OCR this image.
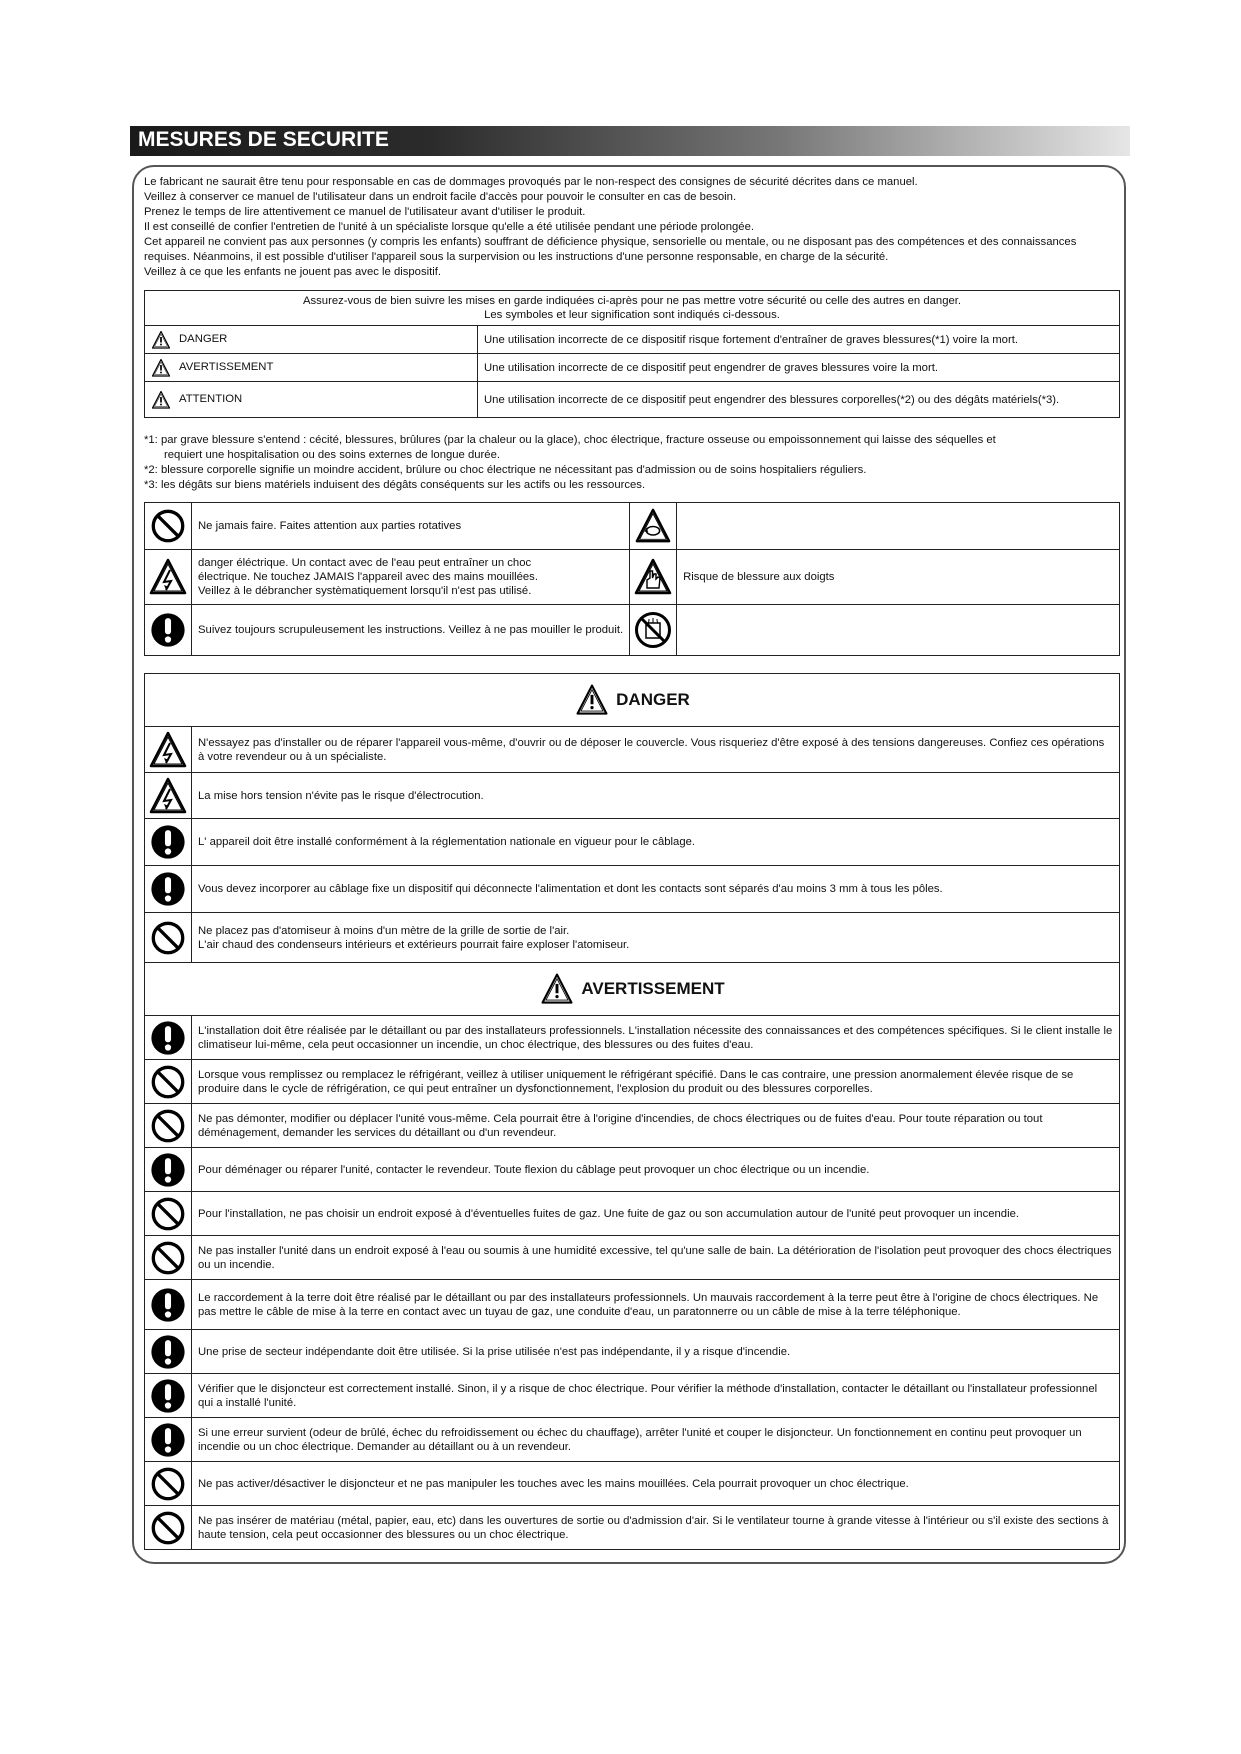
MESURES DE SECURITE

Le fabricant ne saurait être tenu pour responsable en cas de dommages provoqués par le non-respect des consignes de sécurité décrites dans ce manuel.

Veillez à conserver ce manuel de l'utilisateur dans un endroit facile d'accès pour pouvoir le consulter en cas de besoin.

Prenez le temps de lire attentivement ce manuel de l'utilisateur avant d'utiliser le produit.

Il est conseillé de confier l'entretien de l'unité à un spécialiste lorsque qu'elle a été utilisée pendant une période prolongée.

Cet appareil ne convient pas aux personnes (y compris les enfants) souffrant de déficience physique, sensorielle ou mentale, ou ne disposant pas des compétences et des connaissances requises. Néanmoins, il est possible d'utiliser l'appareil sous la surpervision ou les instructions d'une personne responsable, en charge de la sécurité.

Veillez à ce que les enfants ne jouent pas avec le dispositif.

Assurez-vous de bien suivre les mises en garde indiquées ci-après pour ne pas mettre votre sécurité ou celle des autres en danger.
Les symboles et leur signification sont indiqués ci-dessous.	

DANGER	Une utilisation incorrecte de ce dispositif risque fortement d'entraîner de graves blessures(*1) voire la mort.
AVERTISSEMENT	Une utilisation incorrecte de ce dispositif peut engendrer de graves blessures voire la mort.
ATTENTION	Une utilisation incorrecte de ce dispositif peut engendrer des blessures corporelles(*2) ou des dégâts matériels(*3).

*1: par grave blessure s'entend : cécité, blessures, brûlures (par la chaleur ou la glace), choc électrique, fracture osseuse ou empoissonnement qui laisse des séquelles et

requiert une hospitalisation ou des soins externes de longue durée.

*2: blessure corporelle signifie un moindre accident, brûlure ou choc électrique ne nécessitant pas d'admission ou de soins hospitaliers réguliers.

*3: les dégâts sur biens matériels induisent des dégâts conséquents sur les actifs ou les ressources.

	Ne jamais faire. Faites attention aux parties rotatives	

danger éléctrique. Un contact avec de l'eau peut entraîner un choc
électrique. Ne touchez JAMAIS l'appareil avec des mains mouillées.
Veillez à le débrancher systèmatiquement lorsqu'il n'est pas utilisé.		Risque de blessure aux doigts

	Suivez toujours scrupuleusement les instructions. Veillez à ne pas mouiller le produit.	

DANGER	

	N'essayez pas d'installer ou de réparer l'appareil vous-même, d'ouvrir ou de déposer le couvercle. Vous risqueriez d'être exposé à des tensions dangereuses. Confiez ces opérations à votre revendeur ou à un spécialiste.

	La mise hors tension n'évite pas le risque d'électrocution.

	L' appareil doit être installé conformément à la réglementation nationale en vigueur pour le câblage.

	Vous devez incorporer au câblage fixe un dispositif qui déconnecte l'alimentation et dont les contacts sont séparés d'au moins 3 mm à tous les pôles.

Ne placez pas d'atomiseur à moins d'un mètre de la grille de sortie de l'air.
L'air chaud des condenseurs intérieurs et extérieurs pourrait faire exploser l'atomiseur.

AVERTISSEMENT	

	L'installation doit être réalisée par le détaillant ou par des installateurs professionnels. L'installation nécessite des connaissances et des compétences spécifiques. Si le client installe le climatiseur lui-même, cela peut occasionner un incendie, un choc électrique, des blessures ou des fuites d'eau.

	Lorsque vous remplissez ou remplacez le réfrigérant, veillez à utiliser uniquement le réfrigérant spécifié. Dans le cas contraire, une pression anormalement élevée risque de se produire dans le cycle de réfrigération, ce qui peut entraîner un dysfonctionnement, l'explosion du produit ou des blessures corporelles.

	Ne pas démonter, modifier ou déplacer l'unité vous-même. Cela pourrait être à l'origine d'incendies, de chocs électriques ou de fuites d'eau. Pour toute réparation ou tout déménagement, demander les services du détaillant ou d'un revendeur.

	Pour déménager ou réparer l'unité, contacter le revendeur. Toute flexion du câblage peut provoquer un choc électrique ou un incendie.

	Pour l'installation, ne pas choisir un endroit exposé à d'éventuelles fuites de gaz. Une fuite de gaz ou son accumulation autour de l'unité peut provoquer un incendie.

	Ne pas installer l'unité dans un endroit exposé à l'eau ou soumis à une humidité excessive, tel qu'une salle de bain. La détérioration de l'isolation peut provoquer des chocs électriques ou un incendie.

	Le raccordement à la terre doit être réalisé par le détaillant ou par des installateurs professionnels. Un mauvais raccordement à la terre peut être à l'origine de chocs électriques. Ne pas mettre le câble de mise à la terre en contact avec un tuyau de gaz, une conduite d'eau, un paratonnerre ou un câble de mise à la terre téléphonique.

	Une prise de secteur indépendante doit être utilisée. Si la prise utilisée n'est pas indépendante, il y a risque d'incendie.

	Vérifier que le disjoncteur est correctement installé. Sinon, il y a risque de choc électrique. Pour vérifier la méthode d'installation, contacter le détaillant ou l'installateur professionnel qui a installé l'unité.

	Si une erreur survient (odeur de brûlé, échec du refroidissement ou échec du chauffage), arrêter l'unité et couper le disjoncteur. Un fonctionnement en continu peut provoquer un incendie ou un choc électrique. Demander au détaillant ou à un revendeur.

	Ne pas activer/désactiver le disjoncteur et ne pas manipuler les touches avec les mains mouillées. Cela pourrait provoquer un choc électrique.

	Ne pas insérer de matériau (métal, papier, eau, etc) dans les ouvertures de sortie ou d'admission d'air. Si le ventilateur tourne à grande vitesse à l'intérieur ou s'il existe des sections à haute tension, cela peut occasionner des blessures ou un choc électrique.
